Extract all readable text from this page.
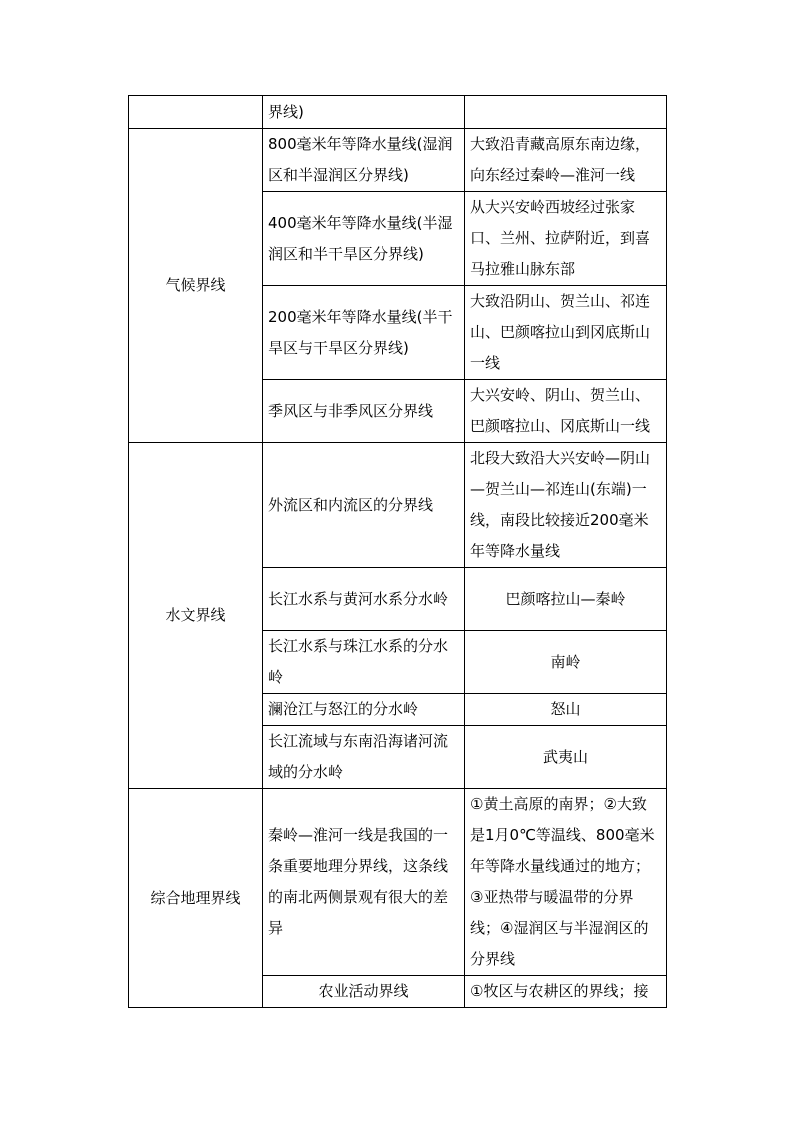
	界线)	
气候界线	800毫米年等降水量线(湿润区和半湿润区分界线)	大致沿青藏高原东南边缘，向东经过秦岭—淮河一线
	400毫米年等降水量线(半湿润区和半干旱区分界线)	从大兴安岭西坡经过张家口、兰州、拉萨附近，到喜马拉雅山脉东部
	200毫米年等降水量线(半干旱区与干旱区分界线)	大致沿阴山、贺兰山、祁连山、巴颜喀拉山到冈底斯山一线
	季风区与非季风区分界线	大兴安岭、阴山、贺兰山、巴颜喀拉山、冈底斯山一线
水文界线	外流区和内流区的分界线	北段大致沿大兴安岭—阴山—贺兰山—祁连山(东端)一线，南段比较接近200毫米年等降水量线
	长江水系与黄河水系分水岭	巴颜喀拉山—秦岭
	长江水系与珠江水系的分水岭	南岭
	澜沧江与怒江的分水岭	怒山
	长江流域与东南沿海诸河流域的分水岭	武夷山
综合地理界线	秦岭—淮河一线是我国的一条重要地理分界线，这条线的南北两侧景观有很大的差异	①黄土高原的南界；②大致是1月0℃等温线、800毫米年等降水量线通过的地方；③亚热带与暖温带的分界线；④湿润区与半湿润区的分界线
	农业活动界线	①牧区与农耕区的界线；接
